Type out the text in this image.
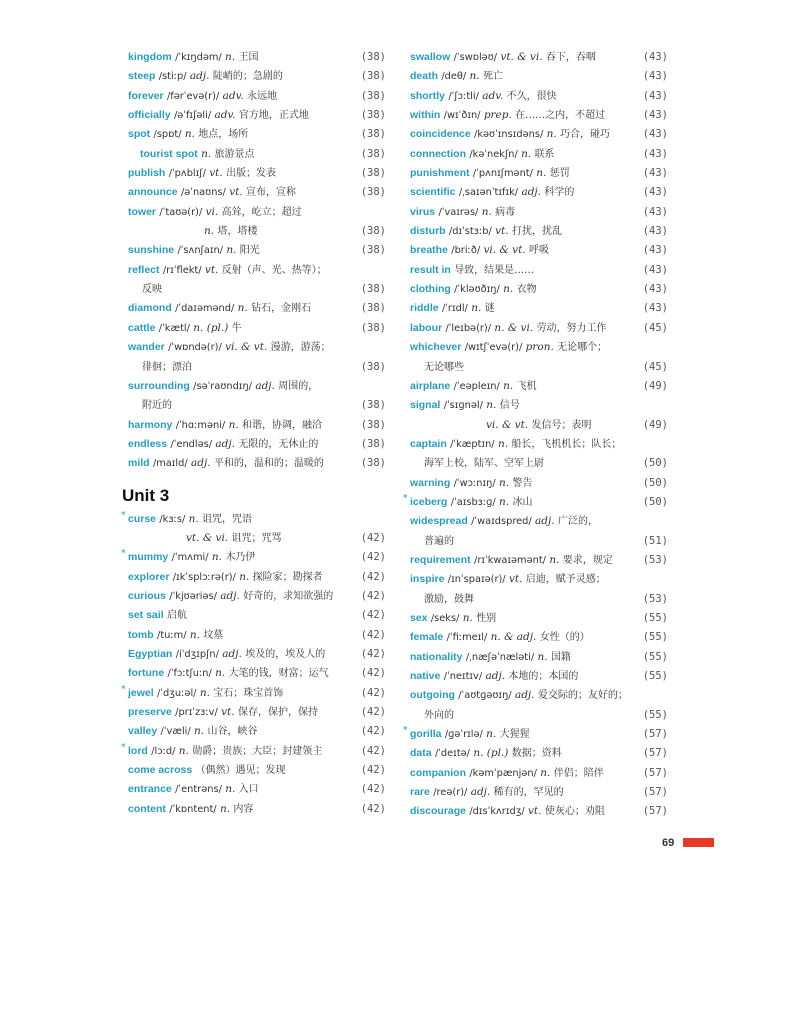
kingdom /ˈkɪŋdəm/ n. 王国	(38)
steep /stiːp/ adj. 陡峭的；急剧的	(38)
forever /fərˈevə(r)/ adv. 永远地	(38)
officially /əˈfɪʃəli/ adv. 官方地，正式地	(38)
spot /spɒt/ n. 地点，场所	(38)
tourist spot n. 旅游景点	(38)
publish /ˈpʌblɪʃ/ vt. 出版；发表	(38)
announce /əˈnaʊns/ vt. 宣布，宣称	(38)
tower /ˈtaʊə(r)/ vi. 高耸，屹立；超过
n. 塔，塔楼	(38)
sunshine /ˈsʌnʃaɪn/ n. 阳光	(38)
reflect /rɪˈflekt/ vt. 反射（声、光、热等）；
反映	(38)
diamond /ˈdaɪəmənd/ n. 钻石，金刚石	(38)
cattle /ˈkætl/ n. (pl.) 牛	(38)
wander /ˈwɒndə(r)/ vi. & vt. 漫游，游荡；
徘徊；漂泊	(38)
surrounding /səˈraʊndɪŋ/ adj. 周围的，
附近的	(38)
harmony /ˈhɑːməni/ n. 和谐，协调，融洽	(38)
endless /ˈendləs/ adj. 无限的，无休止的	(38)
mild /maɪld/ adj. 平和的，温和的；温暖的	(38)
Unit 3
* curse /kɜːs/ n. 诅咒，咒语
vt. & vi. 诅咒；咒骂	(42)
* mummy /ˈmʌmi/ n. 木乃伊	(42)
explorer /ɪkˈsplɔːrə(r)/ n. 探险家；勘探者	(42)
curious /ˈkjʊəriəs/ adj. 好奇的，求知欲强的	(42)
set sail 启航	(42)
tomb /tuːm/ n. 坟墓	(42)
Egyptian /iˈdʒɪpʃn/ adj. 埃及的，埃及人的	(42)
fortune /ˈfɔːtʃuːn/ n. 大笔的钱，财富；运气	(42)
* jewel /ˈdʒuːəl/ n. 宝石；珠宝首饰	(42)
preserve /prɪˈzɜːv/ vt. 保存，保护，保持	(42)
valley /ˈvæli/ n. 山谷，峡谷	(42)
* lord /lɔːd/ n. 勋爵；贵族；大臣；封建领主	(42)
come across （偶然）遇见；发现	(42)
entrance /ˈentrəns/ n. 入口	(42)
content /ˈkɒntent/ n. 内容	(42)
swallow /ˈswɒləʊ/ vt. & vi. 吞下，吞咽	(43)
death /deθ/ n. 死亡	(43)
shortly /ˈʃɔːtli/ adv. 不久，很快	(43)
within /wɪˈðɪn/ prep. 在……之内，不超过	(43)
coincidence /kəʊˈɪnsɪdəns/ n. 巧合，碰巧	(43)
connection /kəˈnekʃn/ n. 联系	(43)
punishment /ˈpʌnɪʃmənt/ n. 惩罚	(43)
scientific /ˌsaɪənˈtɪfɪk/ adj. 科学的	(43)
virus /ˈvaɪrəs/ n. 病毒	(43)
disturb /dɪˈstɜːb/ vt. 打扰，扰乱	(43)
breathe /briːð/ vi. & vt. 呼吸	(43)
result in 导致，结果是……	(43)
clothing /ˈkləʊðɪŋ/ n. 衣物	(43)
riddle /ˈrɪdl/ n. 谜	(43)
labour /ˈleɪbə(r)/ n. & vi. 劳动，努力工作	(45)
whichever /wɪtʃˈevə(r)/ pron. 无论哪个；
无论哪些	(45)
airplane /ˈeəpleɪn/ n. 飞机	(49)
signal /ˈsɪɡnəl/ n. 信号
vi. & vt. 发信号；表明	(49)
captain /ˈkæptɪn/ n. 船长，飞机机长；队长；
海军上校，陆军、空军上尉	(50)
warning /ˈwɔːnɪŋ/ n. 警告	(50)
* iceberg /ˈaɪsbɜːɡ/ n. 冰山	(50)
widespread /ˈwaɪdspred/ adj. 广泛的，
普遍的	(51)
requirement /rɪˈkwaɪəmənt/ n. 要求，规定	(53)
inspire /ɪnˈspaɪə(r)/ vt. 启迪，赋予灵感；
激励，鼓舞	(53)
sex /seks/ n. 性别	(55)
female /ˈfiːmeɪl/ n. & adj. 女性（的）	(55)
nationality /ˌnæʃəˈnæləti/ n. 国籍	(55)
native /ˈneɪtɪv/ adj. 本地的；本国的	(55)
outgoing /ˈaʊtɡəʊɪŋ/ adj. 爱交际的；友好的；
外向的	(55)
* gorilla /ɡəˈrɪlə/ n. 大猩猩	(57)
data /ˈdeɪtə/ n. (pl.) 数据；资料	(57)
companion /kəmˈpænjən/ n. 伴侣；陪伴	(57)
rare /reə(r)/ adj. 稀有的，罕见的	(57)
discourage /dɪsˈkʌrɪdʒ/ vt. 使灰心；劝阻	(57)
69
